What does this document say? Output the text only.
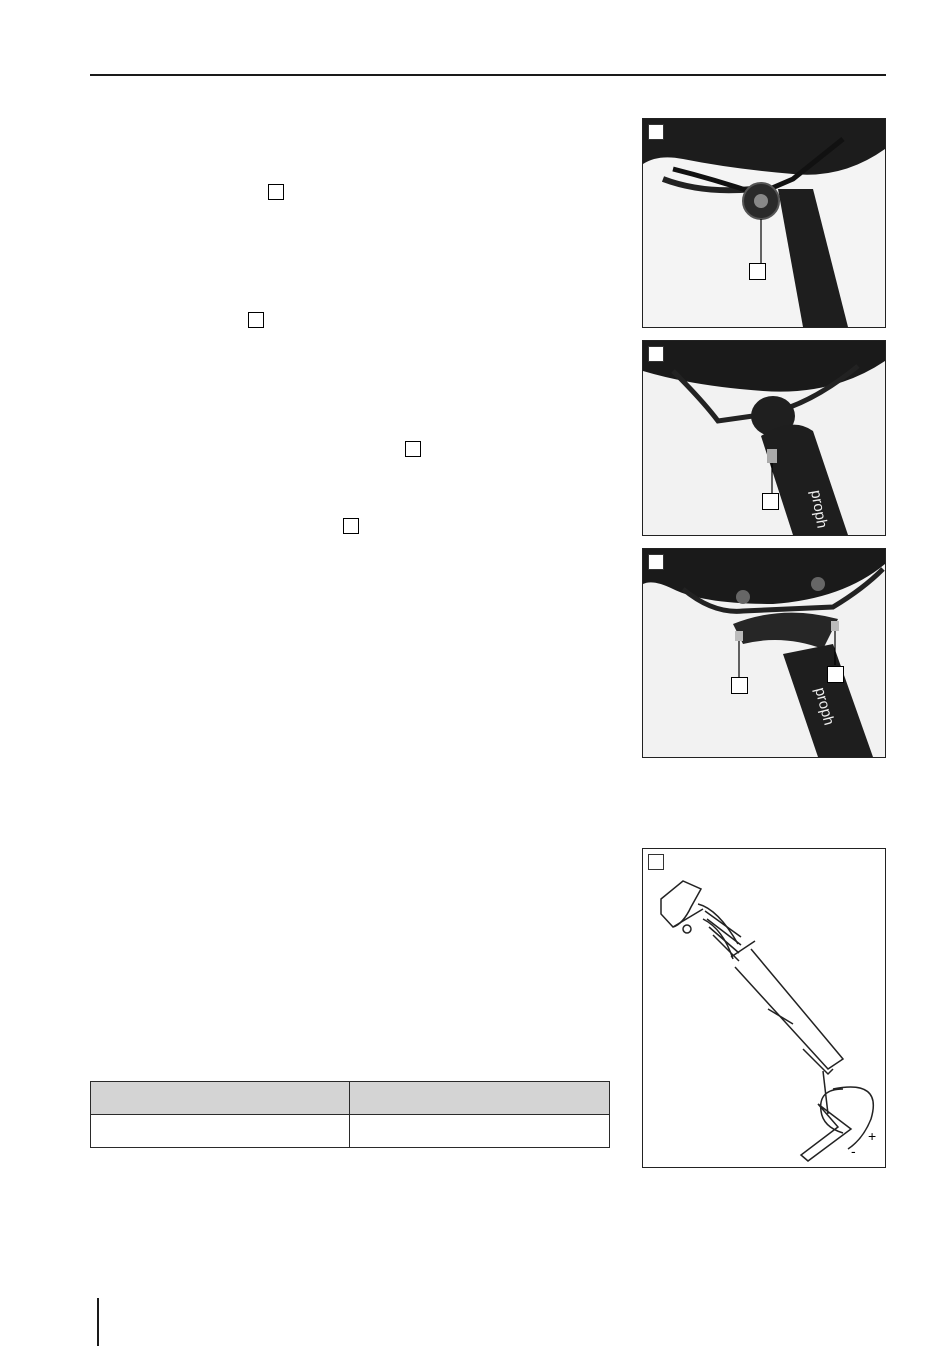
proph
proph
-
+
